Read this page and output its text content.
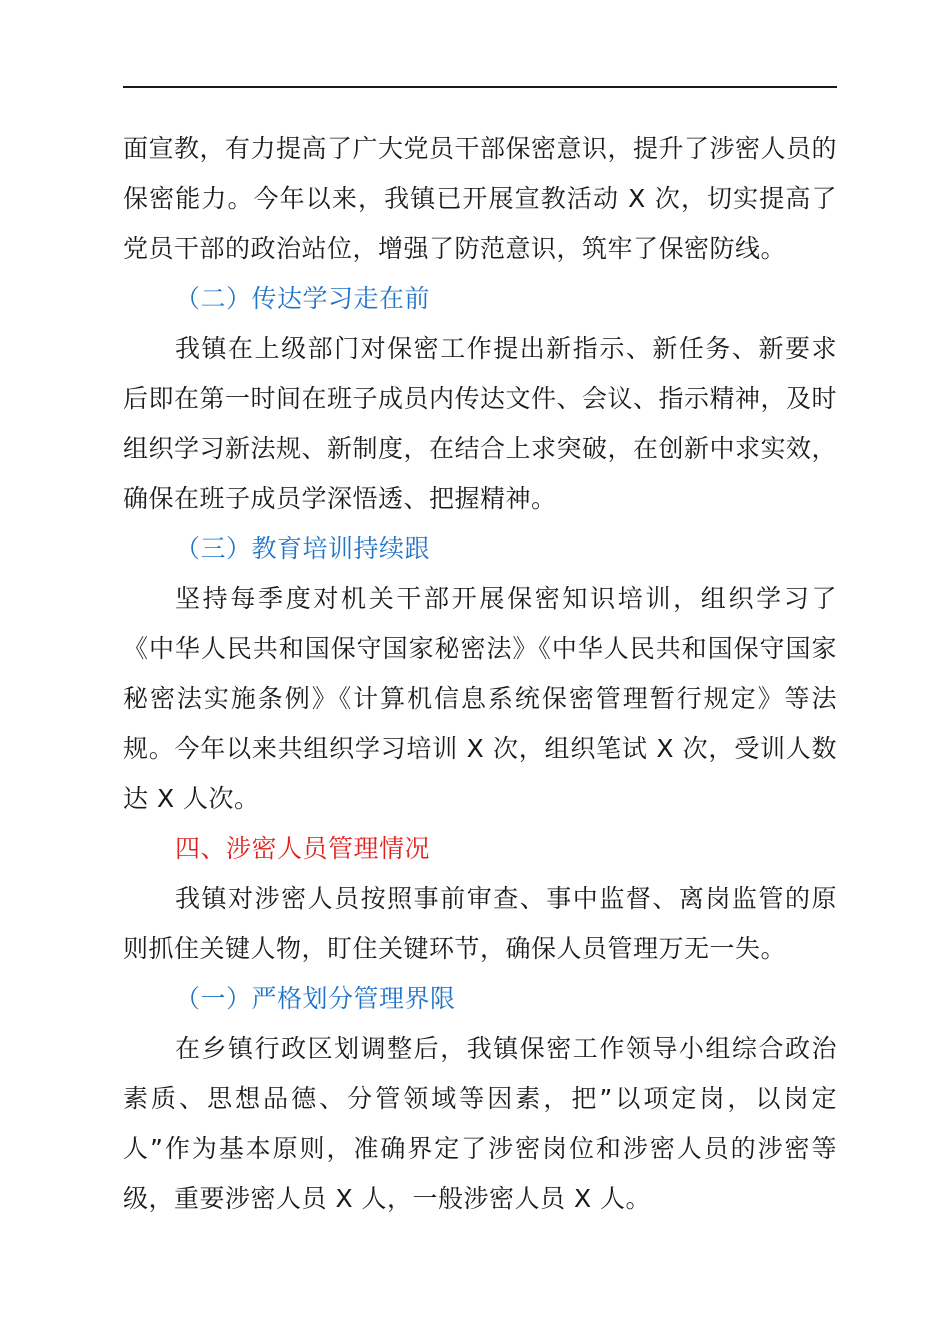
面宣教，有力提高了广大党员干部保密意识，提升了涉密人员的保密能力。今年以来，我镇已开展宣教活动 X 次，切实提高了党员干部的政治站位，增强了防范意识，筑牢了保密防线。

（二）传达学习走在前

我镇在上级部门对保密工作提出新指示、新任务、新要求后即在第一时间在班子成员内传达文件、会议、指示精神，及时组织学习新法规、新制度，在结合上求突破，在创新中求实效，确保在班子成员学深悟透、把握精神。

（三）教育培训持续跟

坚持每季度对机关干部开展保密知识培训，组织学习了《中华人民共和国保守国家秘密法》《中华人民共和国保守国家秘密法实施条例》《计算机信息系统保密管理暂行规定》等法规。今年以来共组织学习培训 X 次，组织笔试 X 次，受训人数达 X 人次。

四、涉密人员管理情况

我镇对涉密人员按照事前审查、事中监督、离岗监管的原则抓住关键人物，盯住关键环节，确保人员管理万无一失。

（一）严格划分管理界限

在乡镇行政区划调整后，我镇保密工作领导小组综合政治素质、思想品德、分管领域等因素，把”以项定岗，以岗定人”作为基本原则，准确界定了涉密岗位和涉密人员的涉密等级，重要涉密人员 X 人，一般涉密人员 X 人。
